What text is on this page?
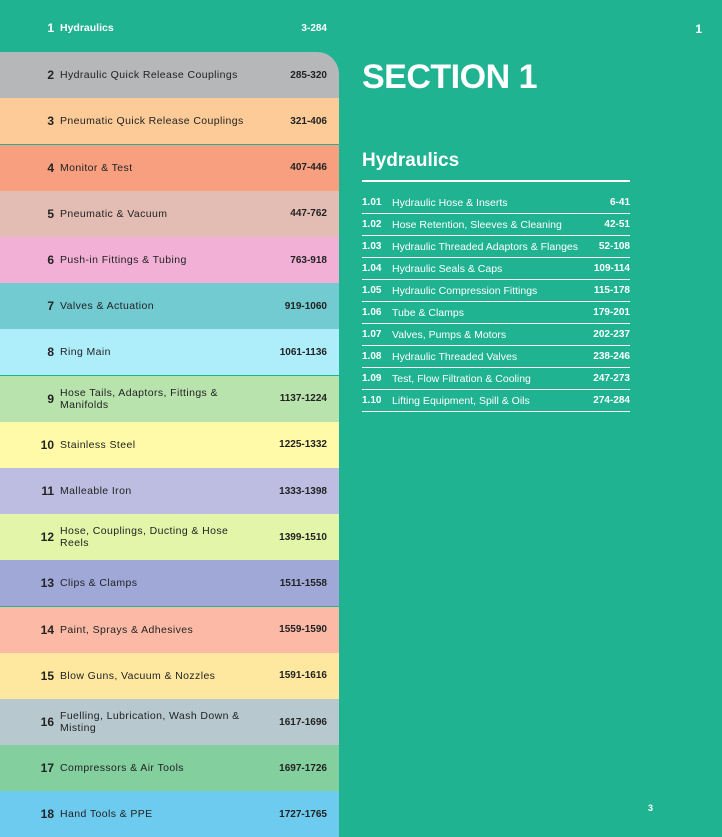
1 Hydraulics	3-284
2 Hydraulic Quick Release Couplings	285-320
3 Pneumatic Quick Release Couplings	321-406
4 Monitor & Test	407-446
5 Pneumatic & Vacuum	447-762
6 Push-in Fittings & Tubing	763-918
7 Valves & Actuation	919-1060
8 Ring Main	1061-1136
9 Hose Tails, Adaptors, Fittings & Manifolds	1137-1224
10 Stainless Steel	1225-1332
11 Malleable Iron	1333-1398
12 Hose, Couplings, Ducting & Hose Reels	1399-1510
13 Clips & Clamps	1511-1558
14 Paint, Sprays & Adhesives	1559-1590
15 Blow Guns, Vacuum & Nozzles	1591-1616
16 Fuelling, Lubrication, Wash Down & Misting	1617-1696
17 Compressors & Air Tools	1697-1726
18 Hand Tools & PPE	1727-1765
1
SECTION 1
Hydraulics
1.01	Hydraulic Hose & Inserts	6-41
1.02	Hose Retention, Sleeves & Cleaning	42-51
1.03	Hydraulic Threaded Adaptors & Flanges	52-108
1.04	Hydraulic Seals & Caps	109-114
1.05	Hydraulic Compression Fittings	115-178
1.06	Tube & Clamps	179-201
1.07	Valves, Pumps & Motors	202-237
1.08	Hydraulic Threaded Valves	238-246
1.09	Test, Flow Filtration & Cooling	247-273
1.10	Lifting Equipment, Spill & Oils	274-284
3
